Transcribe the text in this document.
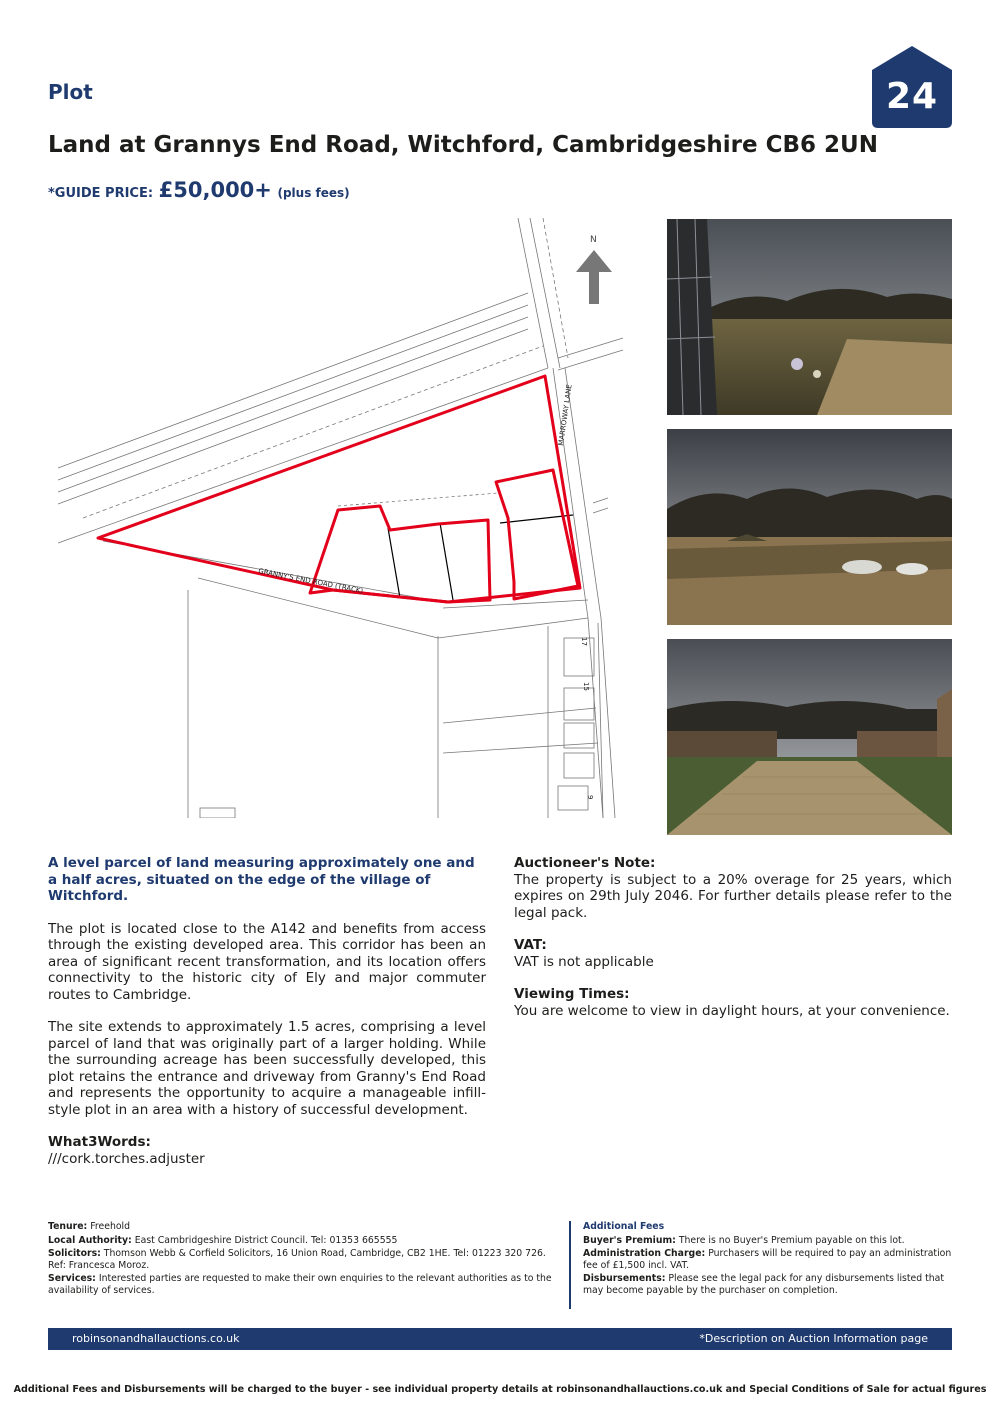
Plot	24
Land at Grannys End Road, Witchford, Cambridgeshire CB6 2UN
*GUIDE PRICE: £50,000+ (plus fees)
N
GRANNY'S END ROAD (TRACK)
MARROWAY LANE
17
15
9

A level parcel of land measuring approximately one and a half acres, situated on the edge of the village of Witchford.

The plot is located close to the A142 and benefits from access through the existing developed area. This corridor has been an area of significant recent transformation, and its location offers connectivity to the historic city of Ely and major commuter routes to Cambridge.

The site extends to approximately 1.5 acres, comprising a level parcel of land that was originally part of a larger holding. While the surrounding acreage has been successfully developed, this plot retains the entrance and driveway from Granny's End Road and represents the opportunity to acquire a manageable infill-style plot in an area with a history of successful development.

What3Words:

///cork.torches.adjuster

Auctioneer's Note:

The property is subject to a 20% overage for 25 years, which expires on 29th July 2046. For further details please refer to the legal pack.

VAT:

VAT is not applicable

Viewing Times:

You are welcome to view in daylight hours, at your convenience.

Tenure: Freehold

Local Authority: East Cambridgeshire District Council. Tel: 01353 665555

Solicitors: Thomson Webb & Corfield Solicitors, 16 Union Road, Cambridge, CB2 1HE. Tel: 01223 320 726. Ref: Francesca Moroz.

Services: Interested parties are requested to make their own enquiries to the relevant authorities as to the availability of services.

Additional Fees

Buyer's Premium: There is no Buyer's Premium payable on this lot.

Administration Charge: Purchasers will be required to pay an administration fee of £1,500 incl. VAT.

Disbursements: Please see the legal pack for any disbursements listed that may become payable by the purchaser on completion.

robinsonandhallauctions.co.uk	*Description on Auction Information page
Additional Fees and Disbursements will be charged to the buyer - see individual property details at robinsonandhallauctions.co.uk and Special Conditions of Sale for actual figures
